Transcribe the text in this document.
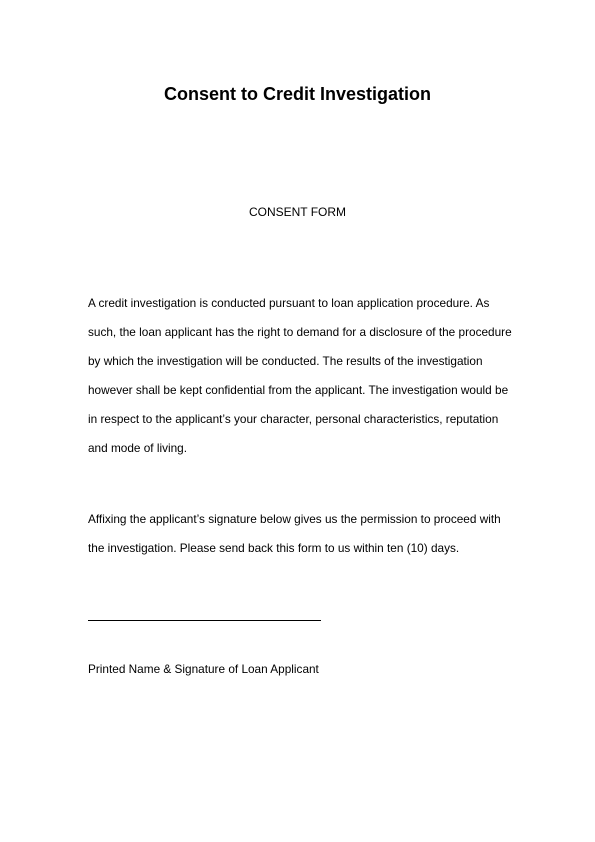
Consent to Credit Investigation

CONSENT FORM

A credit investigation is conducted pursuant to loan application procedure. As
such, the loan applicant has the right to demand for a disclosure of the procedure
by which the investigation will be conducted. The results of the investigation
however shall be kept confidential from the applicant. The investigation would be
in respect to the applicant’s your character, personal characteristics, reputation
and mode of living.
Affixing the applicant’s signature below gives us the permission to proceed with
the investigation. Please send back this form to us within ten (10) days.

Printed Name & Signature of Loan Applicant
